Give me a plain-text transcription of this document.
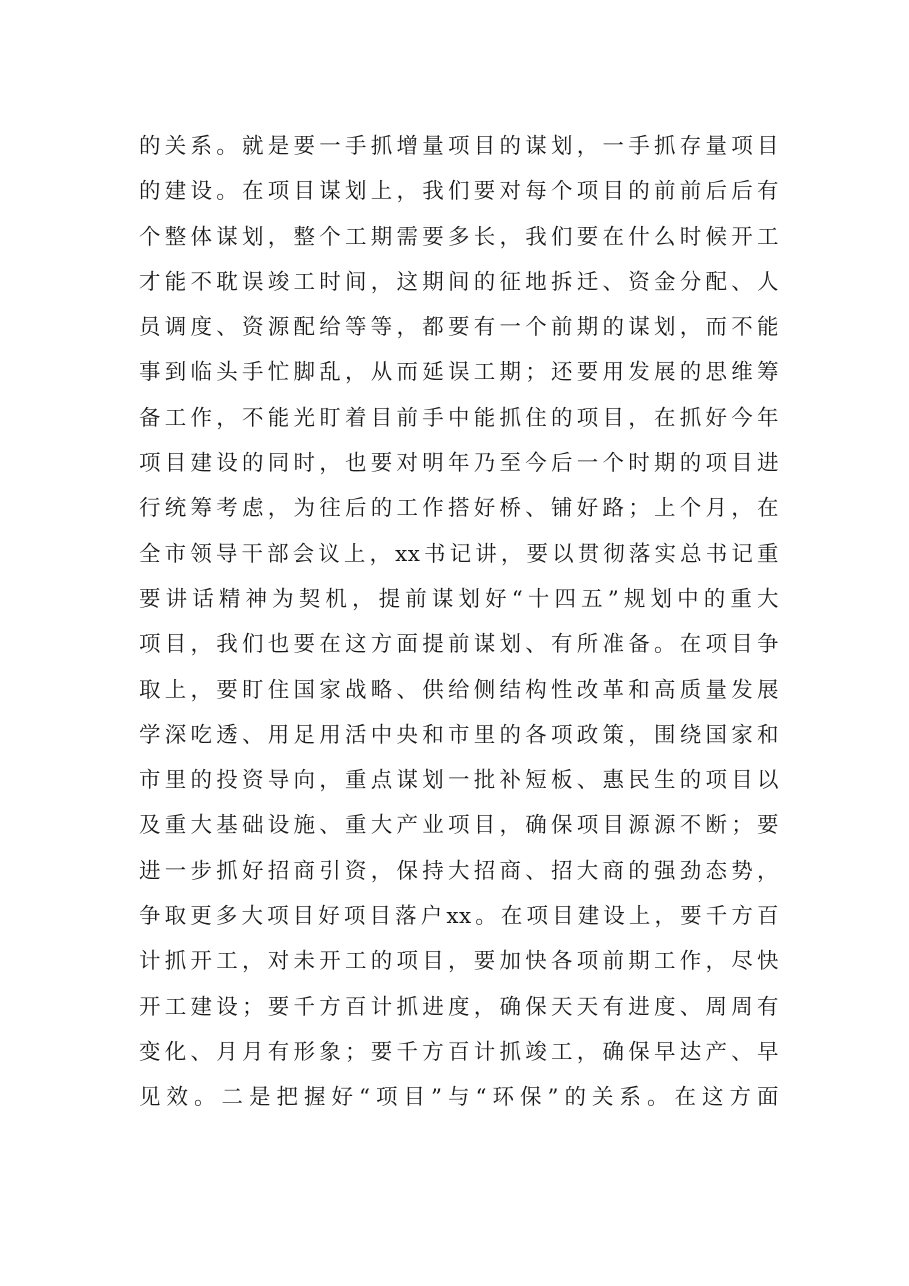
的关系。就是要一手抓增量项目的谋划，一手抓存量项目
的建设。在项目谋划上，我们要对每个项目的前前后后有
个整体谋划，整个工期需要多长，我们要在什么时候开工
才能不耽误竣工时间，这期间的征地拆迁、资金分配、人
员调度、资源配给等等，都要有一个前期的谋划，而不能
事到临头手忙脚乱，从而延误工期；还要用发展的思维筹
备工作，不能光盯着目前手中能抓住的项目，在抓好今年
项目建设的同时，也要对明年乃至今后一个时期的项目进
行统筹考虑，为往后的工作搭好桥、铺好路；上个月，在
全市领导干部会议上，xx书记讲，要以贯彻落实总书记重
要讲话精神为契机，提前谋划好“十四五”规划中的重大
项目，我们也要在这方面提前谋划、有所准备。在项目争
取上，要盯住国家战略、供给侧结构性改革和高质量发展
学深吃透、用足用活中央和市里的各项政策，围绕国家和
市里的投资导向，重点谋划一批补短板、惠民生的项目以
及重大基础设施、重大产业项目，确保项目源源不断；要
进一步抓好招商引资，保持大招商、招大商的强劲态势，
争取更多大项目好项目落户xx。在项目建设上，要千方百
计抓开工，对未开工的项目，要加快各项前期工作，尽快
开工建设；要千方百计抓进度，确保天天有进度、周周有
变化、月月有形象；要千方百计抓竣工，确保早达产、早
见效。二是把握好“项目”与“环保”的关系。在这方面
